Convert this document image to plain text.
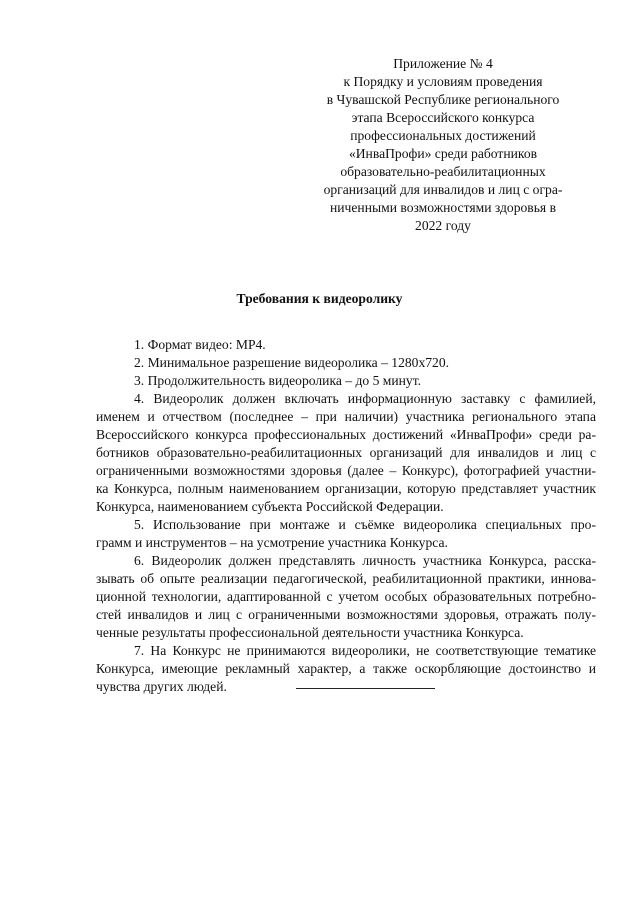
Приложение № 4
к Порядку и условиям проведения
в Чувашской Республике регионального
этапа Всероссийского конкурса
профессиональных достижений
«ИнваПрофи» среди работников
образовательно-реабилитационных
организаций для инвалидов и лиц с огра-
ниченными возможностями здоровья в
2022 году
Требования к видеоролику
1. Формат видео: MP4.
2. Минимальное разрешение видеоролика – 1280x720.
3. Продолжительность видеоролика – до 5 минут.
4. Видеоролик должен включать информационную заставку с фамилией,
именем и отчеством (последнее – при наличии) участника регионального этапа
Всероссийского конкурса профессиональных достижений «ИнваПрофи» среди ра-
ботников образовательно-реабилитационных организаций для инвалидов и лиц с
ограниченными возможностями здоровья (далее – Конкурс), фотографией участни-
ка Конкурса, полным наименованием организации, которую представляет участник
Конкурса, наименованием субъекта Российской Федерации.
5. Использование при монтаже и съёмке видеоролика специальных про-
грамм и инструментов – на усмотрение участника Конкурса.
6. Видеоролик должен представлять личность участника Конкурса, расска-
зывать об опыте реализации педагогической, реабилитационной практики, иннова-
ционной технологии, адаптированной с учетом особых образовательных потребно-
стей инвалидов и лиц с ограниченными возможностями здоровья, отражать полу-
ченные результаты профессиональной деятельности участника Конкурса.
7. На Конкурс не принимаются видеоролики, не соответствующие тематике
Конкурса, имеющие рекламный характер, а также оскорбляющие достоинство и
чувства других людей.
